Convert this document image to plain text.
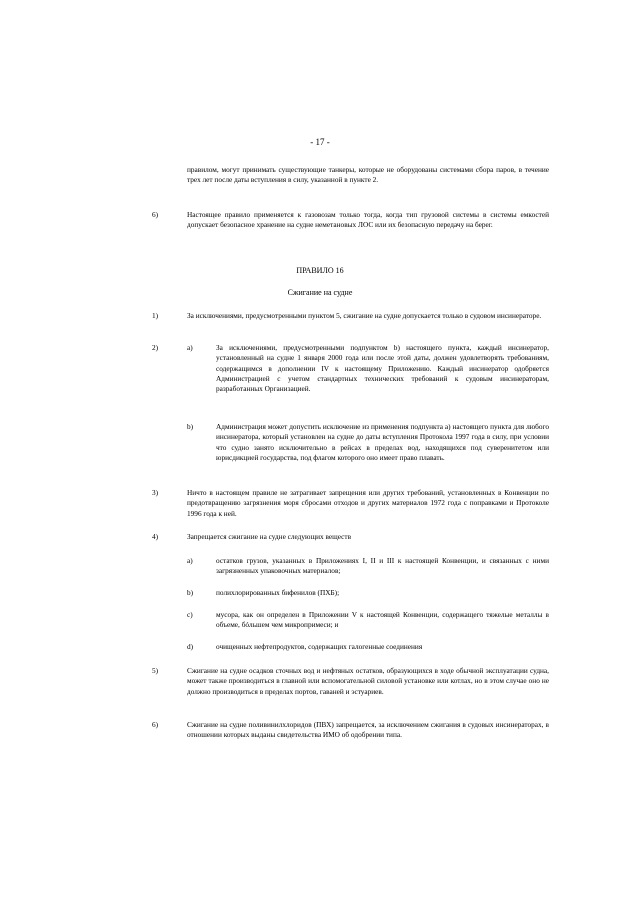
- 17 -
правилом, могут принимать существующие танкеры, которые не оборудованы системами сбора паров, в течение трех лет после даты вступления в силу, указанной в пункте 2.
6)	Настоящее правило применяется к газовозам только тогда, когда тип грузовой системы в системы емкостей допускает безопасное хранение на судне неметановых ЛОС или их безопасную передачу на берег.
ПРАВИЛО 16
Сжигание на судне
1)	За исключениями, предусмотренными пунктом 5, сжигание на судне допускается только в судовом инсинераторе.
2)	a)	За исключениями, предусмотренными подпунктом b) настоящего пункта, каждый инсинератор, установленный на судне 1 января 2000 года или после этой даты, должен удовлетворять требованиям, содержащимся в дополнении IV к настоящему Приложению. Каждый инсинератор одобряется Администрацией с учетом стандартных технических требований к судовым инсинераторам, разработанных Организацией.
b)	Администрация может допустить исключение из применения подпункта a) настоящего пункта для любого инсинератора, который установлен на судне до даты вступления Протокола 1997 года в силу, при условии что судно занято исключительно в рейсах в пределах вод, находящихся под суверенитетом или юрисдикцией государства, под флагом которого оно имеет право плавать.
3)	Ничто в настоящем правиле не затрагивает запрещения или других требований, установленных в Конвенции по предотвращению загрязнения моря сбросами отходов и других материалов 1972 года с поправками и Протоколе 1996 года к ней.
4)	Запрещается сжигание на судне следующих веществ
a)	остатков грузов, указанных в Приложениях I, II и III к настоящей Конвенции, и связанных с ними загрязненных упаковочных материалов;
b)	полихлорированных бифенилов (ПХБ);
c)	мусора, как он определен в Приложении V к настоящей Конвенции, содержащего тяжелые металлы в объеме, бóльшем чем микропримеси; и
d)	очищенных нефтепродуктов, содержащих галогенные соединения
5)	Сжигание на судне осадков сточных вод и нефтяных остатков, образующихся в ходе обычной эксплуатации судна, может также производиться в главной или вспомогательной силовой установке или котлах, но в этом случае оно не должно производиться в пределах портов, гаваней и эстуариев.
6)	Сжигание на судне поливинилхлоридов (ПВХ) запрещается, за исключением сжигания в судовых инсинераторах, в отношении которых выданы свидетельства ИМО об одобрении типа.
